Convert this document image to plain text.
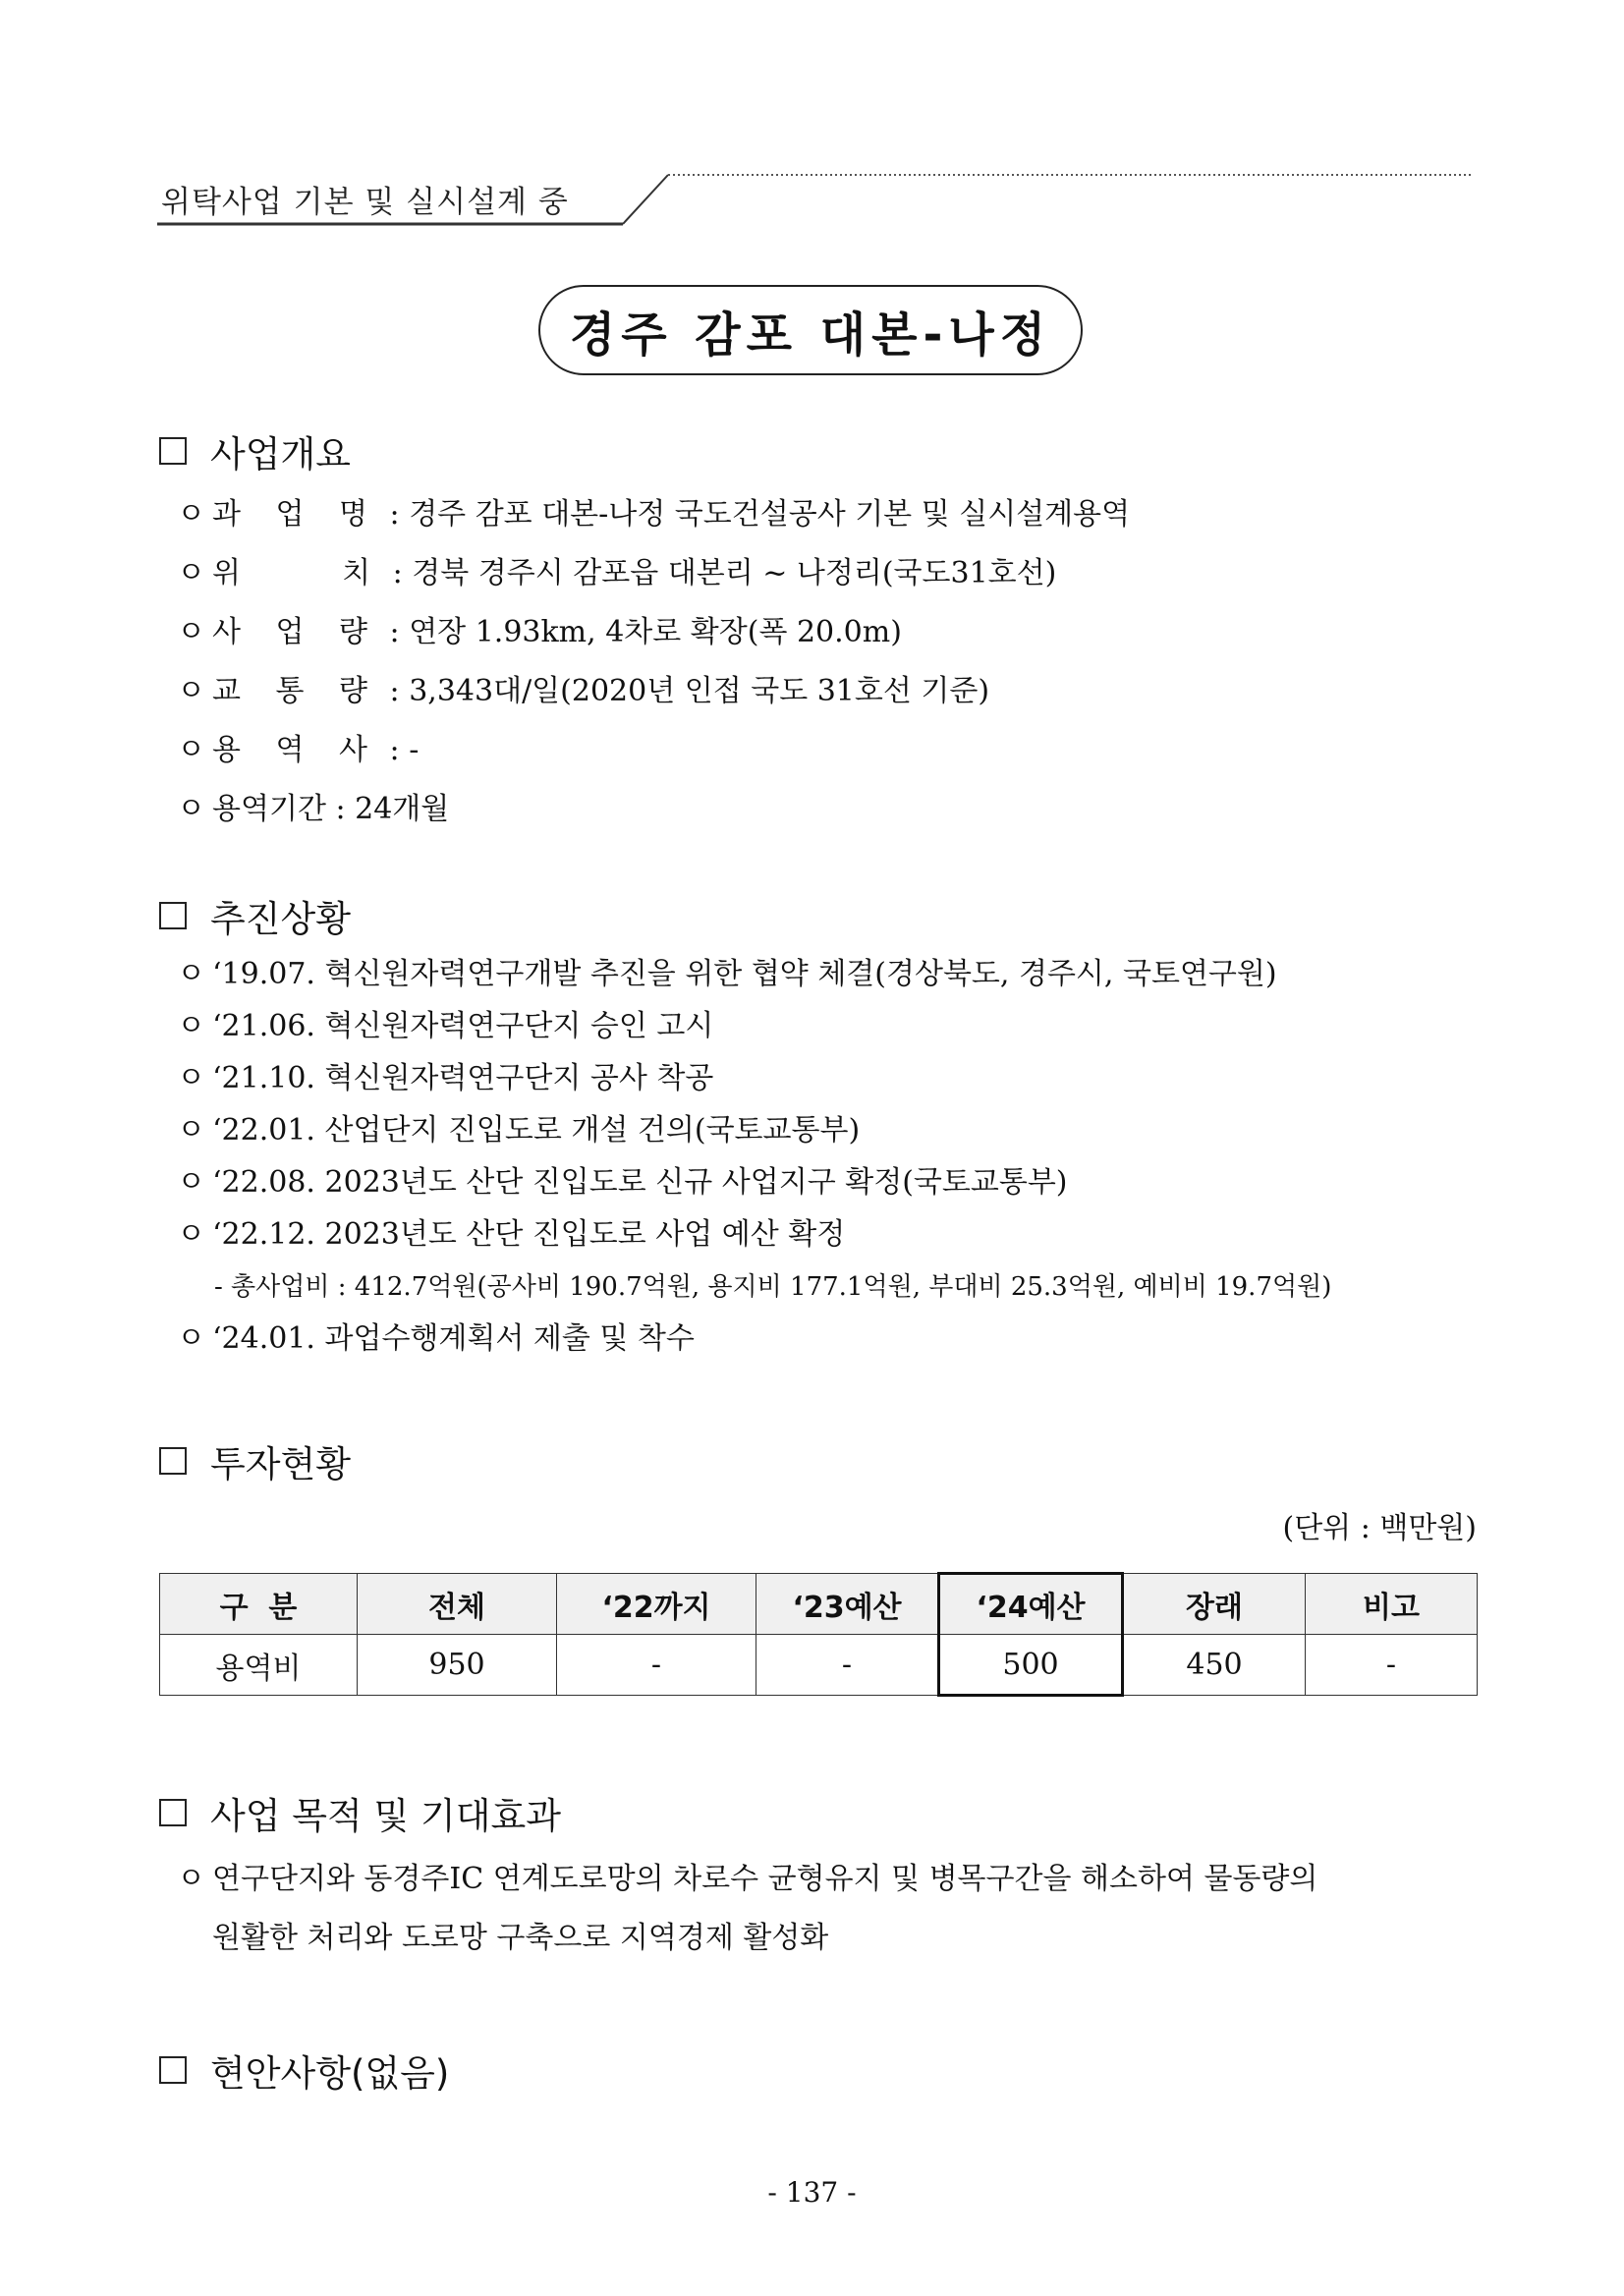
위탁사업 기본 및 실시설계 중
경주 감포 대본-나정
사업개요
ㅇ 과 업 명 : 경주 감포 대본-나정 국도건설공사 기본 및 실시설계용역
ㅇ 위    치 : 경북 경주시 감포읍 대본리 ~ 나정리(국도31호선)
ㅇ 사 업 량 : 연장 1.93km, 4차로 확장(폭 20.0m)
ㅇ 교 통 량 : 3,343대/일(2020년 인접 국도 31호선 기준)
ㅇ 용 역 사 : -
ㅇ 용역기간 : 24개월
추진상황
ㅇ ‘19.07. 혁신원자력연구개발 추진을 위한 협약 체결(경상북도, 경주시, 국토연구원)
ㅇ ‘21.06. 혁신원자력연구단지 승인 고시
ㅇ ‘21.10. 혁신원자력연구단지 공사 착공
ㅇ ‘22.01. 산업단지 진입도로 개설 건의(국토교통부)
ㅇ ‘22.08. 2023년도 산단 진입도로 신규 사업지구 확정(국토교통부)
ㅇ ‘22.12. 2023년도 산단 진입도로 사업 예산 확정
- 총사업비 : 412.7억원(공사비 190.7억원, 용지비 177.1억원, 부대비 25.3억원, 예비비 19.7억원)
ㅇ ‘24.01. 과업수행계획서 제출 및 착수
투자현황
(단위 : 백만원)
구  분	전체	‘22까지	‘23예산	‘24예산	장래	비고
용역비	950	-	-	500	450	-
사업 목적 및 기대효과
ㅇ 연구단지와 동경주IC 연계도로망의 차로수 균형유지 및 병목구간을 해소하여 물동량의
원활한 처리와 도로망 구축으로 지역경제 활성화
현안사항(없음)
- 137 -
